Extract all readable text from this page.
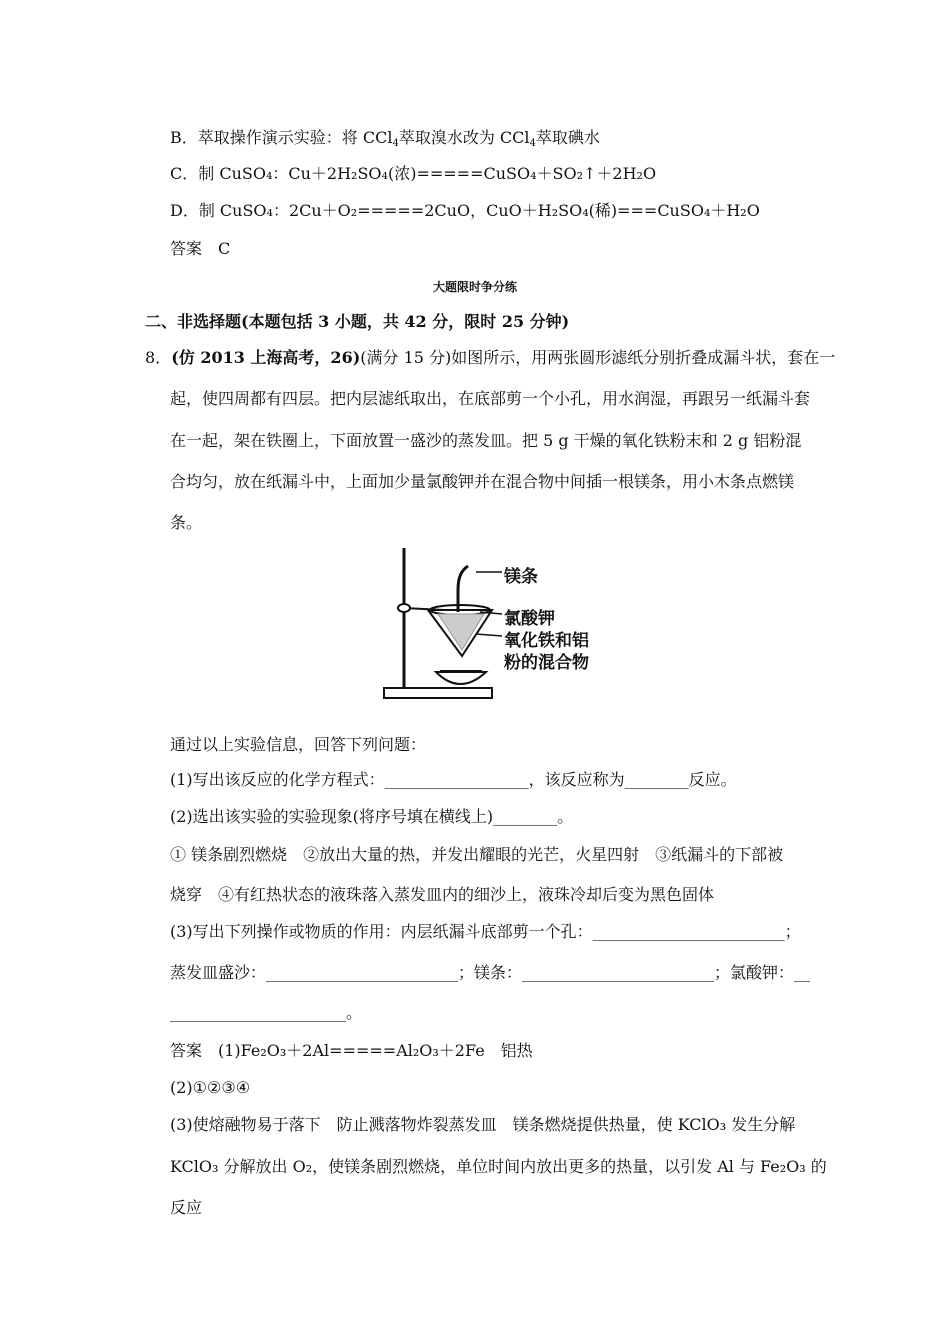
B．萃取操作演示实验：将 CCl$_4$萃取溴水改为 CCl$_4$萃取碘水
C．制 CuSO₄：Cu＋2H₂SO₄(浓)=====CuSO₄＋SO₂↑＋2H₂O
D．制 CuSO₄：2Cu＋O₂=====2CuO，CuO＋H₂SO₄(稀)===CuSO₄＋H₂O
答案　C
大题限时争分练
二、非选择题(本题包括 3 小题，共 42 分，限时 25 分钟)
8．(仿 2013 上海高考，26)(满分 15 分)如图所示，用两张圆形滤纸分别折叠成漏斗状，套在一
起，使四周都有四层。把内层滤纸取出，在底部剪一个小孔，用水润湿，再跟另一纸漏斗套
在一起，架在铁圈上，下面放置一盛沙的蒸发皿。把 5 g 干燥的氧化铁粉末和 2 g 铝粉混
合均匀，放在纸漏斗中，上面加少量氯酸钾并在混合物中间插一根镁条，用小木条点燃镁
条。
镁条
氯酸钾
氧化铁和铝
粉的混合物
通过以上实验信息，回答下列问题：
(1)写出该反应的化学方程式：__________________，该反应称为________反应。
(2)选出该实验的实验现象(将序号填在横线上)________。
① 镁条剧烈燃烧　②放出大量的热，并发出耀眼的光芒，火星四射　③纸漏斗的下部被
烧穿　④有红热状态的液珠落入蒸发皿内的细沙上，液珠冷却后变为黑色固体
(3)写出下列操作或物质的作用：内层纸漏斗底部剪一个孔：________________________；
蒸发皿盛沙：________________________；镁条：________________________；氯酸钾：__
______________________。
答案　(1)Fe₂O₃＋2Al=====Al₂O₃＋2Fe　铝热
(2)①②③④
(3)使熔融物易于落下　防止溅落物炸裂蒸发皿　镁条燃烧提供热量，使 KClO₃ 发生分解
KClO₃ 分解放出 O₂，使镁条剧烈燃烧，单位时间内放出更多的热量，以引发 Al 与 Fe₂O₃ 的
反应
